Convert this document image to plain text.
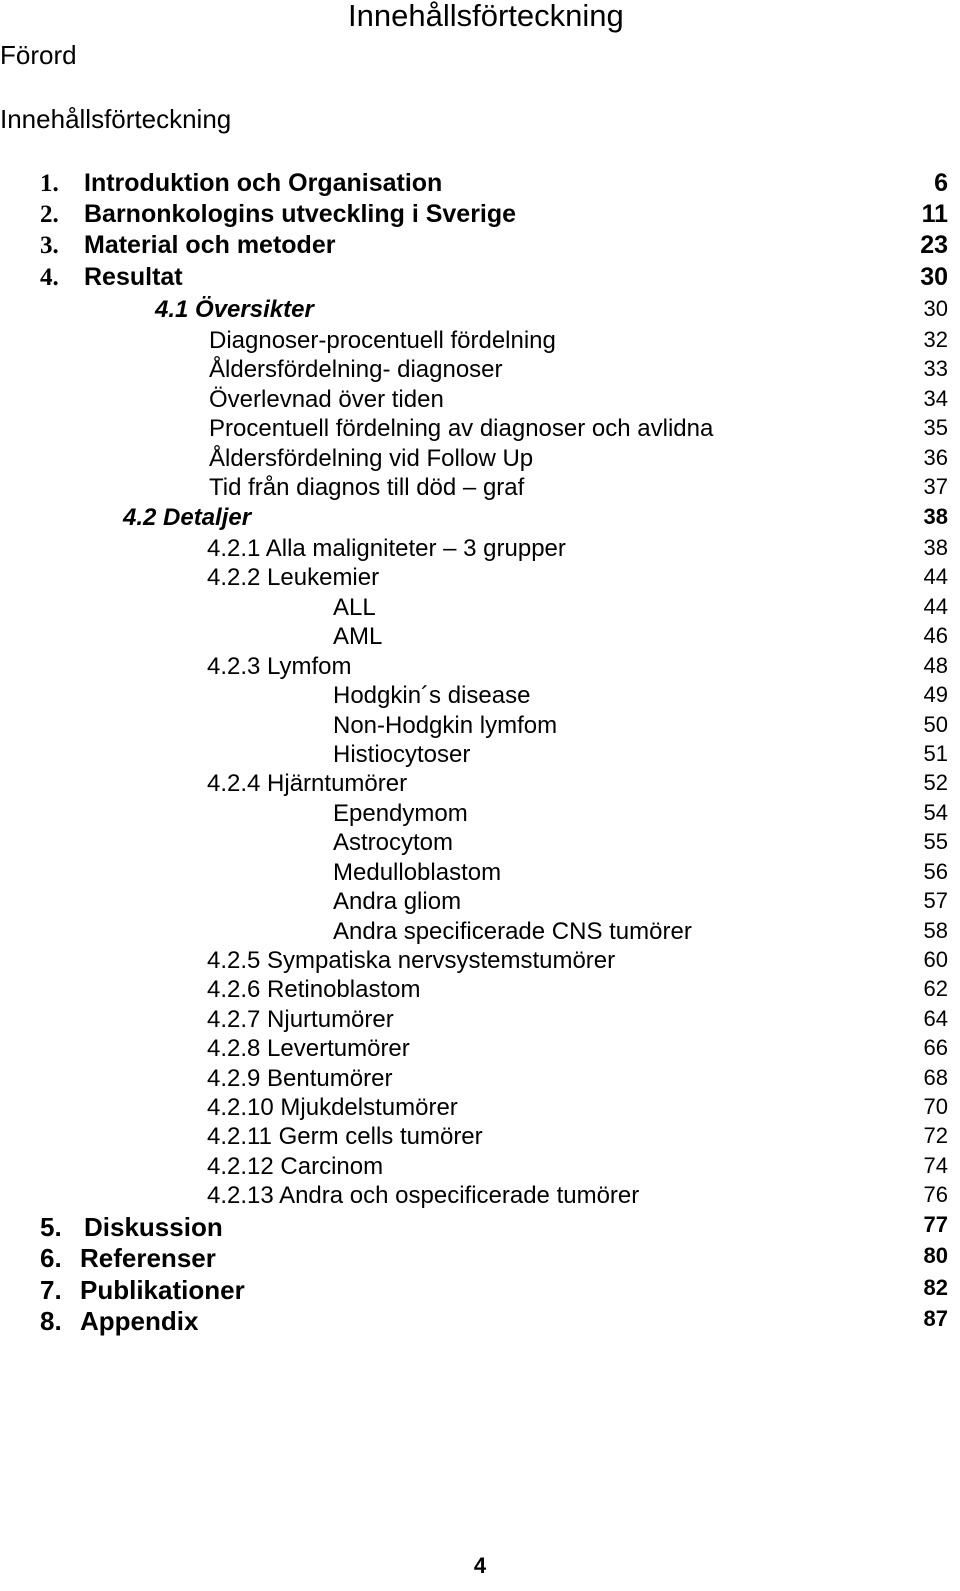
Innehållsförteckning
Förord
Innehållsförteckning
1. Introduktion och Organisation	6
2. Barnonkologins utveckling i Sverige	11
3. Material och metoder	23
4. Resultat	30
4.1 Översikter	30
Diagnoser-procentuell fördelning	32
Åldersfördelning- diagnoser	33
Överlevnad över tiden	34
Procentuell fördelning av diagnoser och avlidna	35
Åldersfördelning vid Follow Up	36
Tid från diagnos till död – graf	37
4.2 Detaljer	38
4.2.1 Alla maligniteter – 3 grupper	38
4.2.2 Leukemier	44
ALL	44
AML	46
4.2.3 Lymfom	48
Hodgkin´s disease	49
Non-Hodgkin lymfom	50
Histiocytoser	51
4.2.4 Hjärntumörer	52
Ependymom	54
Astrocytom	55
Medulloblastom	56
Andra gliom	57
Andra specificerade CNS tumörer	58
4.2.5 Sympatiska nervsystemstumörer	60
4.2.6 Retinoblastom	62
4.2.7 Njurtumörer	64
4.2.8 Levertumörer	66
4.2.9 Bentumörer	68
4.2.10 Mjukdelstumörer	70
4.2.11 Germ cells tumörer	72
4.2.12 Carcinom	74
4.2.13 Andra och ospecificerade tumörer	76
5. Diskussion	77
6. Referenser	80
7. Publikationer	82
8. Appendix	87
4
